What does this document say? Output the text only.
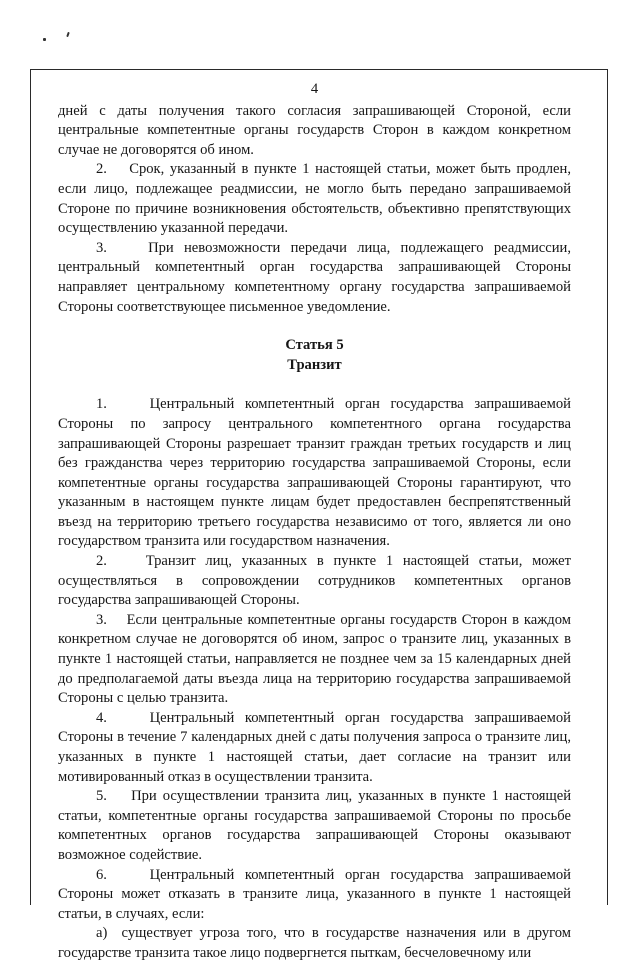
4

дней с даты получения такого согласия запрашивающей Стороной, если центральные компетентные органы государств Сторон в каждом конкретном случае не договорятся об ином.

2.    Срок, указанный в пункте 1 настоящей статьи, может быть продлен, если лицо, подлежащее реадмиссии, не могло быть передано запрашиваемой Стороне по причине возникновения обстоятельств, объективно препятствующих осуществлению указанной передачи.

3.    При невозможности передачи лица, подлежащего реадмиссии, центральный компетентный орган государства запрашивающей Стороны направляет центральному компетентному органу государства запрашиваемой Стороны соответствующее письменное уведомление.

Статья 5

Транзит

1.    Центральный компетентный орган государства запрашиваемой Стороны по запросу центрального компетентного органа государства запрашивающей Стороны разрешает транзит граждан третьих государств и лиц без гражданства через территорию государства запрашиваемой Стороны, если компетентные органы государства запрашивающей Стороны гарантируют, что указанным в настоящем пункте лицам будет предоставлен беспрепятственный въезд на территорию третьего государства независимо от того, является ли оно государством транзита или государством назначения.

2.    Транзит лиц, указанных в пункте 1 настоящей статьи, может осуществляться в сопровождении сотрудников компетентных органов государства запрашивающей Стороны.

3.    Если центральные компетентные органы государств Сторон в каждом конкретном случае не договорятся об ином, запрос о транзите лиц, указанных в пункте 1 настоящей статьи, направляется не позднее чем за 15 календарных дней до предполагаемой даты въезда лица на территорию государства запрашиваемой Стороны с целью транзита.

4.    Центральный компетентный орган государства запрашиваемой Стороны в течение 7 календарных дней с даты получения запроса о транзите лиц, указанных в пункте 1 настоящей статьи, дает согласие на транзит или мотивированный отказ в осуществлении транзита.

5.    При осуществлении транзита лиц, указанных в пункте 1 настоящей статьи, компетентные органы государства запрашиваемой Стороны по просьбе компетентных органов государства запрашивающей Стороны оказывают возможное содействие.

6.    Центральный компетентный орган государства запрашиваемой Стороны может отказать в транзите лица, указанного в пункте 1 настоящей статьи, в случаях, если:

а)  существует угроза того, что в государстве назначения или в другом государстве транзита такое лицо подвергнется пыткам, бесчеловечному или
